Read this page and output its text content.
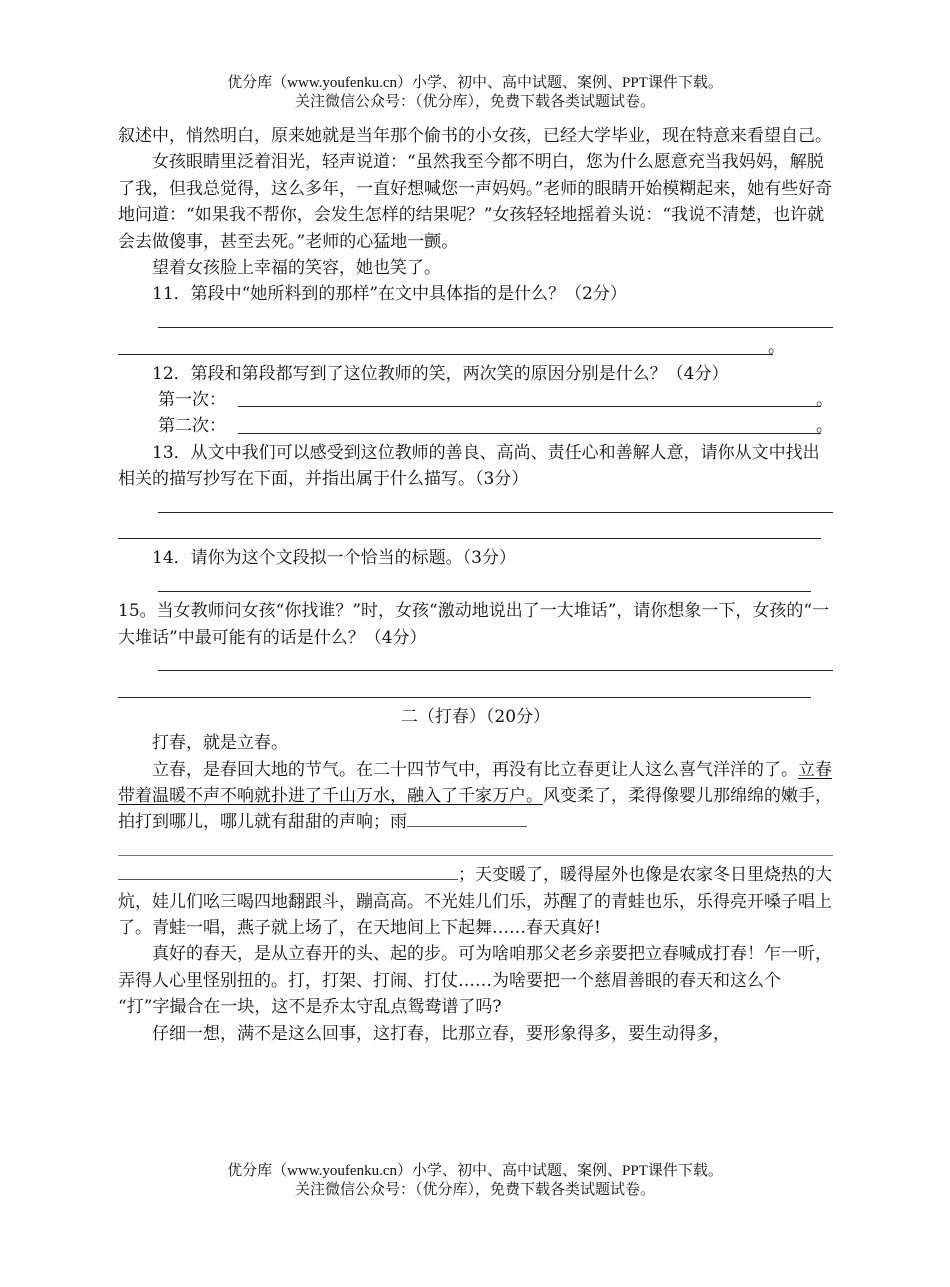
优分库（www.youfenku.cn）小学、初中、高中试题、案例、PPT课件下载。
关注微信公众号：（优分库），免费下载各类试题试卷。

叙述中，悄然明白，原来她就是当年那个偷书的小女孩，已经大学毕业，现在特意来看望自己。

女孩眼睛里泛着泪光，轻声说道：“虽然我至今都不明白，您为什么愿意充当我妈妈，解脱了我，但我总觉得，这么多年，一直好想喊您一声妈妈。”老师的眼睛开始模糊起来，她有些好奇地问道：“如果我不帮你，会发生怎样的结果呢？”女孩轻轻地摇着头说：“我说不清楚，也许就会去做傻事，甚至去死。”老师的心猛地一颤。

望着女孩脸上幸福的笑容，她也笑了。

11．第段中“她所料到的那样”在文中具体指的是什么？（2分）

。

12．第段和第段都写到了这位教师的笑，两次笑的原因分别是什么？（4分）

第一次：	。
第二次：	。

13．从文中我们可以感受到这位教师的善良、高尚、责任心和善解人意，请你从文中找出相关的描写抄写在下面，并指出属于什么描写。（3分）

14．请你为这个文段拟一个恰当的标题。（3分）

15。当女教师问女孩“你找谁？”时，女孩“激动地说出了一大堆话”，请你想象一下，女孩的“一大堆话”中最可能有的话是什么？（4分）

二（打春）（20分）

打春，就是立春。

立春，是春回大地的节气。在二十四节气中，再没有比立春更让人这么喜气洋洋的了。立春带着温暖不声不响就扑进了千山万水，融入了千家万户。风变柔了，柔得像婴儿那绵绵的嫩手，拍打到哪儿，哪儿就有甜甜的声响；雨

；天变暖了，暖得屋外也像是农家冬日里烧热的大炕，娃儿们吆三喝四地翻跟斗，蹦高高。不光娃儿们乐，苏醒了的青蛙也乐，乐得亮开嗓子唱上了。青蛙一唱，燕子就上场了，在天地间上下起舞……春天真好!

真好的春天，是从立春开的头、起的步。可为啥咱那父老乡亲要把立春喊成打春！乍一听，弄得人心里怪别扭的。打，打架、打闹、打仗……为啥要把一个慈眉善眼的春天和这么个 “打”字撮合在一块，这不是乔太守乱点鸳鸯谱了吗?

仔细一想，满不是这么回事，这打春，比那立春，要形象得多，要生动得多，

优分库（www.youfenku.cn）小学、初中、高中试题、案例、PPT课件下载。
关注微信公众号：（优分库），免费下载各类试题试卷。
